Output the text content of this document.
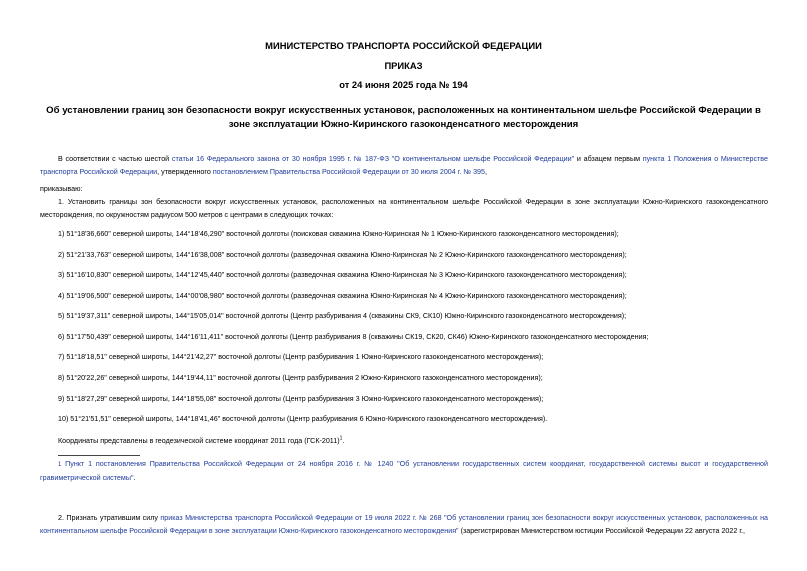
МИНИСТЕРСТВО ТРАНСПОРТА РОССИЙСКОЙ ФЕДЕРАЦИИ
ПРИКАЗ
от 24 июня 2025 года № 194
Об установлении границ зон безопасности вокруг искусственных установок, расположенных на континентальном шельфе Российской Федерации в зоне эксплуатации Южно-Киринского газоконденсатного месторождения
В соответствии с частью шестой статьи 16 Федерального закона от 30 ноября 1995 г. № 187-ФЗ "О континентальном шельфе Российской Федерации" и абзацем первым пункта 1 Положения о Министерстве транспорта Российской Федерации, утвержденного постановлением Правительства Российской Федерации от 30 июля 2004 г. № 395,
приказываю:
1. Установить границы зон безопасности вокруг искусственных установок, расположенных на континентальном шельфе Российской Федерации в зоне эксплуатации Южно-Киринского газоконденсатного месторождения, по окружностям радиусом 500 метров с центрами в следующих точках:
1) 51°18'36,660" северной широты, 144°18'46,290" восточной долготы (поисковая скважина Южно-Киринская № 1 Южно-Киринского газоконденсатного месторождения);
2) 51°21'33,763" северной широты, 144°16'38,008" восточной долготы (разведочная скважина Южно-Киринская № 2 Южно-Киринского газоконденсатного месторождения);
3) 51°16'10,830" северной широты, 144°12'45,440" восточной долготы (разведочная скважина Южно-Киринская № 3 Южно-Киринского газоконденсатного месторождения);
4) 51°19'06,500" северной широты, 144°00'08,980" восточной долготы (разведочная скважина Южно-Киринская № 4 Южно-Киринского газоконденсатного месторождения);
5) 51°19'37,311" северной широты, 144°15'05,014" восточной долготы (Центр разбуривания 4 (скважины СК9, СК10) Южно-Киринского газоконденсатного месторождения);
6) 51°17'50,439" северной широты, 144°16'11,411" восточной долготы (Центр разбуривания 8 (скважины СК19, СК20, СК46) Южно-Киринского газоконденсатного месторождения;
7) 51°18'18,51" северной широты, 144°21'42,27" восточной долготы (Центр разбуривания 1 Южно-Киринского газоконденсатного месторождения);
8) 51°20'22,26" северной широты, 144°19'44,11" восточной долготы (Центр разбуривания 2 Южно-Киринского газоконденсатного месторождения);
9) 51°18'27,29" северной широты, 144°18'55,08" восточной долготы (Центр разбуривания 3 Южно-Киринского газоконденсатного месторождения);
10) 51°21'51,51" северной широты, 144°18'41,46" восточной долготы (Центр разбуривания 6 Южно-Киринского газоконденсатного месторождения).
Координаты представлены в геодезической системе координат 2011 года (ГСК-2011)$^1$.
1 Пункт 1 постановления Правительства Российской Федерации от 24 ноября 2016 г. № 1240 "Об установлении государственных систем координат, государственной системы высот и государственной гравиметрической системы".
2. Признать утратившим силу приказ Министерства транспорта Российской Федерации от 19 июля 2022 г. № 268 "Об установлении границ зон безопасности вокруг искусственных установок, расположенных на континентальном шельфе Российской Федерации в зоне эксплуатации Южно-Киринского газоконденсатного месторождения" (зарегистрирован Министерством юстиции Российской Федерации 22 августа 2022 г.,
